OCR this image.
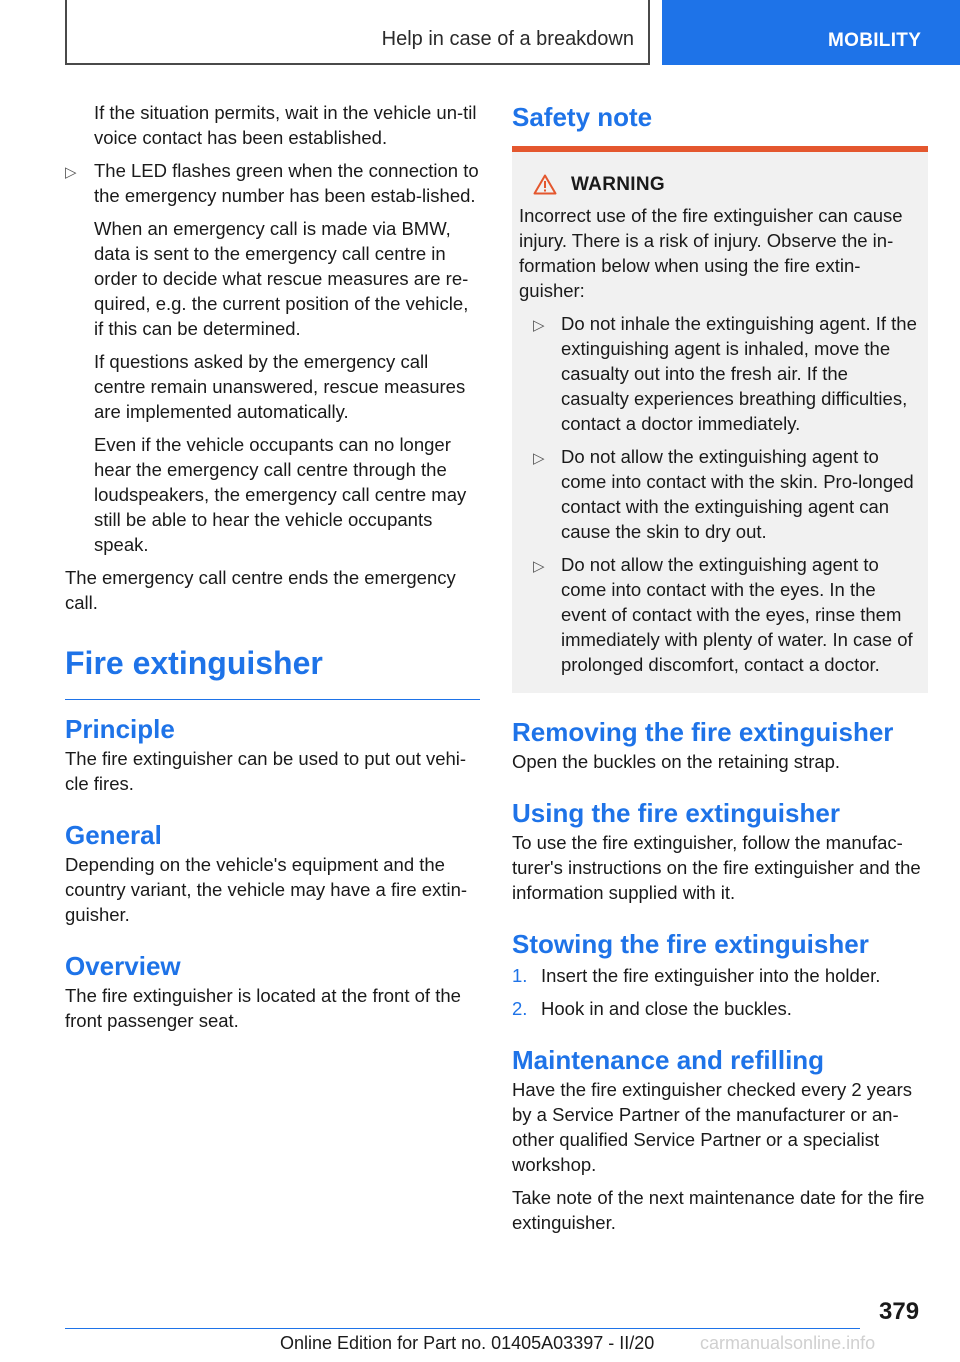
Help in case of a breakdown	MOBILITY

If the situation permits, wait in the vehicle un-til voice contact has been established.

▷ The LED flashes green when the connection to the emergency number has been estab-lished.

When an emergency call is made via BMW, data is sent to the emergency call centre in order to decide what rescue measures are re-quired, e.g. the current position of the vehicle, if this can be determined.

If questions asked by the emergency call centre remain unanswered, rescue measures are implemented automatically.

Even if the vehicle occupants can no longer hear the emergency call centre through the loudspeakers, the emergency call centre may still be able to hear the vehicle occupants speak.

The emergency call centre ends the emergency call.

Fire extinguisher
Principle

The fire extinguisher can be used to put out vehi-cle fires.

General

Depending on the vehicle's equipment and the country variant, the vehicle may have a fire extin-guisher.

Overview

The fire extinguisher is located at the front of the front passenger seat.

Safety note
WARNING

Incorrect use of the fire extinguisher can cause injury. There is a risk of injury. Observe the in-formation below when using the fire extin-guisher:

▷ Do not inhale the extinguishing agent. If the extinguishing agent is inhaled, move the casualty out into the fresh air. If the casualty experiences breathing difficulties, contact a doctor immediately.
▷ Do not allow the extinguishing agent to come into contact with the skin. Pro-longed contact with the extinguishing agent can cause the skin to dry out.
▷ Do not allow the extinguishing agent to come into contact with the eyes. In the event of contact with the eyes, rinse them immediately with plenty of water. In case of prolonged discomfort, contact a doctor.
Removing the fire extinguisher

Open the buckles on the retaining strap.

Using the fire extinguisher

To use the fire extinguisher, follow the manufac-turer's instructions on the fire extinguisher and the information supplied with it.

Stowing the fire extinguisher
1. Insert the fire extinguisher into the holder.
2. Hook in and close the buckles.
Maintenance and refilling

Have the fire extinguisher checked every 2 years by a Service Partner of the manufacturer or an-other qualified Service Partner or a specialist workshop.

Take note of the next maintenance date for the fire extinguisher.

379
Online Edition for Part no. 01405A03397 - II/20	carmanualsonline.info
